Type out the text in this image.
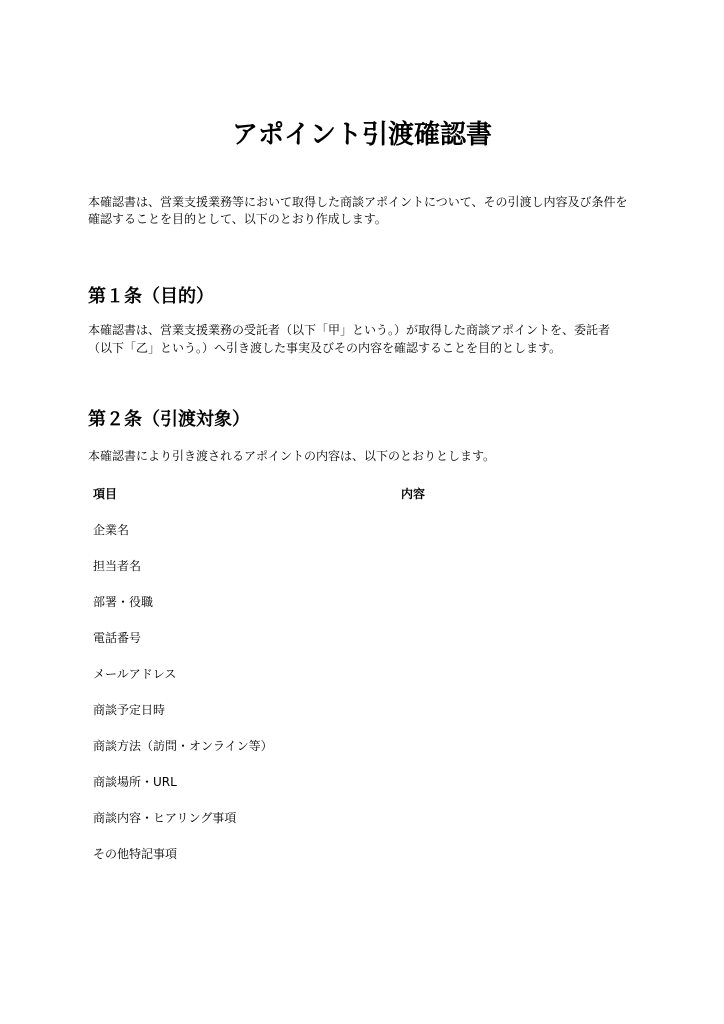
アポイント引渡確認書
本確認書は、営業支援業務等において取得した商談アポイントについて、その引渡し内容及び条件を
確認することを目的として、以下のとおり作成します。
第１条（目的）
本確認書は、営業支援業務の受託者（以下「甲」という。）が取得した商談アポイントを、委託者
（以下「乙」という。）へ引き渡した事実及びその内容を確認することを目的とします。
第２条（引渡対象）
本確認書により引き渡されるアポイントの内容は、以下のとおりとします。
項目	内容
企業名
担当者名
部署・役職
電話番号
メールアドレス
商談予定日時
商談方法（訪問・オンライン等）
商談場所・URL
商談内容・ヒアリング事項
その他特記事項
